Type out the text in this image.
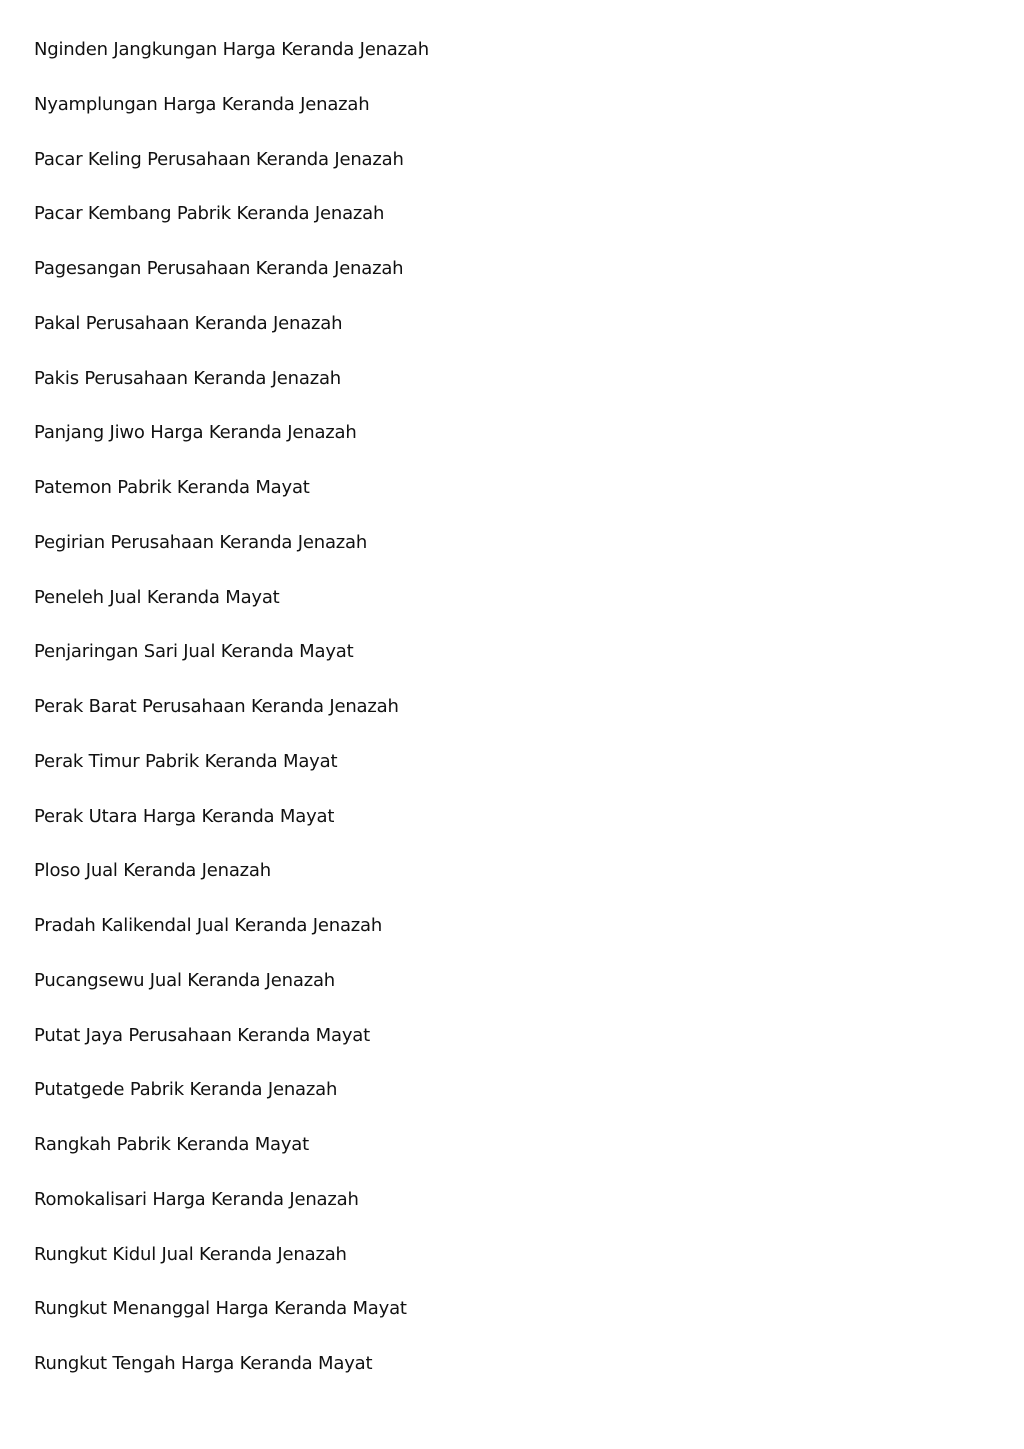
Nginden Jangkungan Harga Keranda Jenazah
Nyamplungan Harga Keranda Jenazah
Pacar Keling Perusahaan Keranda Jenazah
Pacar Kembang Pabrik Keranda Jenazah
Pagesangan Perusahaan Keranda Jenazah
Pakal Perusahaan Keranda Jenazah
Pakis Perusahaan Keranda Jenazah
Panjang Jiwo Harga Keranda Jenazah
Patemon Pabrik Keranda Mayat
Pegirian Perusahaan Keranda Jenazah
Peneleh Jual Keranda Mayat
Penjaringan Sari Jual Keranda Mayat
Perak Barat Perusahaan Keranda Jenazah
Perak Timur Pabrik Keranda Mayat
Perak Utara Harga Keranda Mayat
Ploso Jual Keranda Jenazah
Pradah Kalikendal Jual Keranda Jenazah
Pucangsewu Jual Keranda Jenazah
Putat Jaya Perusahaan Keranda Mayat
Putatgede Pabrik Keranda Jenazah
Rangkah Pabrik Keranda Mayat
Romokalisari Harga Keranda Jenazah
Rungkut Kidul Jual Keranda Jenazah
Rungkut Menanggal Harga Keranda Mayat
Rungkut Tengah Harga Keranda Mayat
